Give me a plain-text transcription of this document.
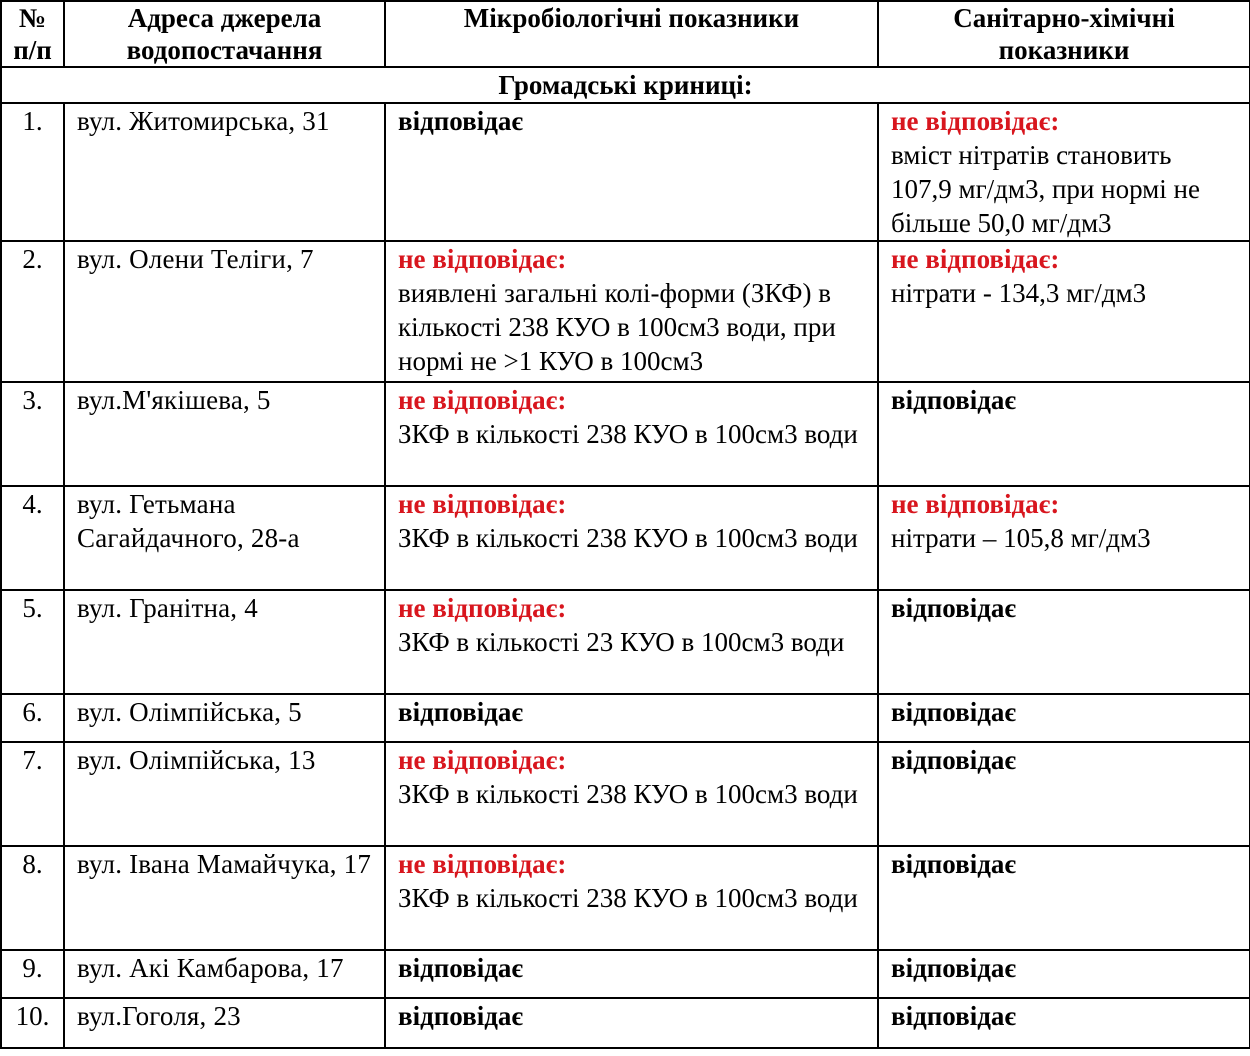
№ п/п	Адреса джерела водопостачання	Мікробіологічні показники	Санітарно-хімічні показники
Громадські криниці:			
1.	вул. Житомирська, 31	відповідає	не відповідає:
вміст нітратів становить 107,9 мг/дм3, при нормі не більше 50,0 мг/дм3

2.	вул. Олени Теліги, 7	не відповідає:
виявлені загальні колі-форми (ЗКФ) в кількості 238 КУО в 100см3 води, при нормі не >1 КУО в 100см3	не відповідає:
нітрати - 134,3 мг/дм3

3.	вул.М'якішева, 5	не відповідає:
ЗКФ в кількості 238 КУО в 100см3 води	відповідає
4.	вул. Гетьмана Сагайдачного, 28-а	не відповідає:
ЗКФ в кількості 238 КУО в 100см3 води	не відповідає:
нітрати – 105,8 мг/дм3

5.	вул. Гранітна, 4	не відповідає:
ЗКФ в кількості 23 КУО в 100см3 води	відповідає
6.	вул. Олімпійська, 5	відповідає	відповідає
7.	вул. Олімпійська, 13	не відповідає:
ЗКФ в кількості 238 КУО в 100см3 води	відповідає
8.	вул. Івана Мамайчука, 17	не відповідає:
ЗКФ в кількості 238 КУО в 100см3 води	відповідає
9.	вул. Акі Камбарова, 17	відповідає	відповідає
10.	вул.Гоголя, 23	відповідає	відповідає
